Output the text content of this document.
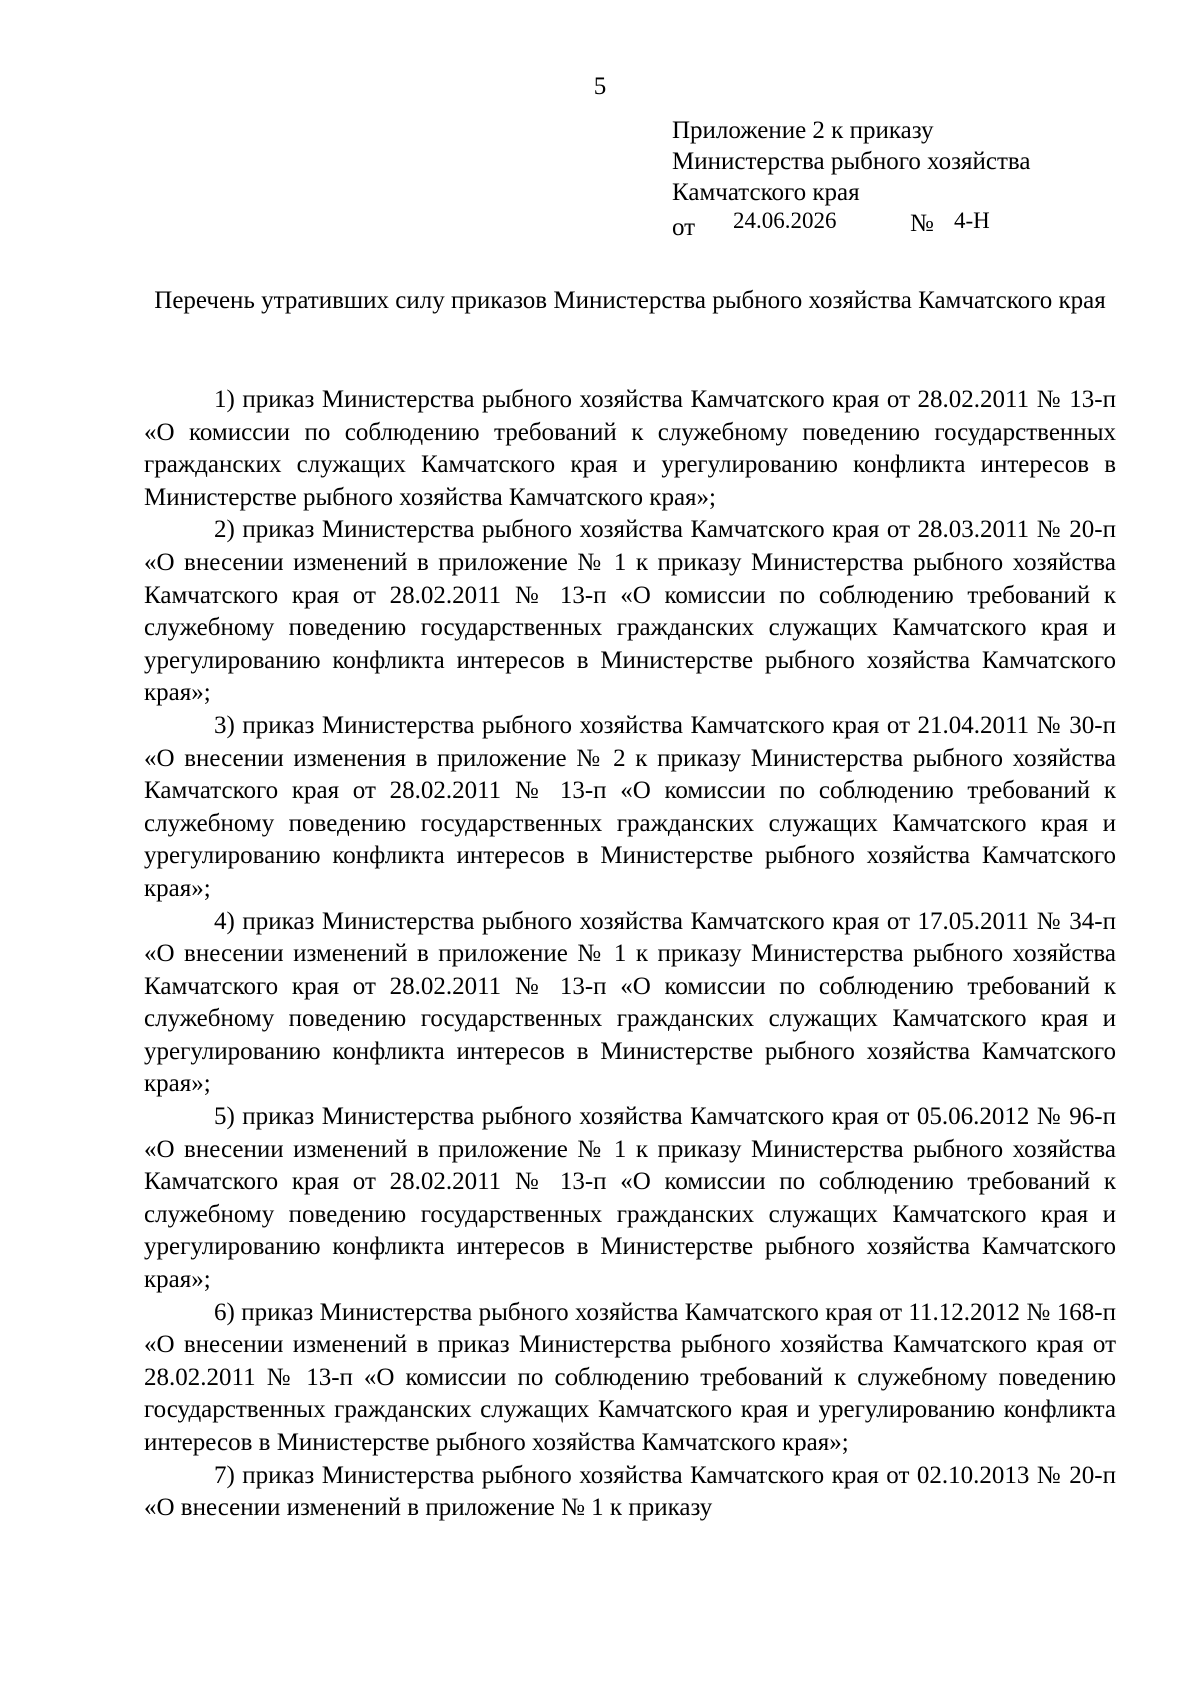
5
Приложение 2 к приказу
Министерства рыбного хозяйства
Камчатского края
от 24.06.2026	№ 4-Н
Перечень утративших силу приказов Министерства рыбного хозяйства Камчатского края

1) приказ Министерства рыбного хозяйства Камчатского края от 28.02.2011 № 13-п «О комиссии по соблюдению требований к служебному поведению государственных гражданских служащих Камчатского края и урегулированию конфликта интересов в Министерстве рыбного хозяйства Камчатского края»;

2) приказ Министерства рыбного хозяйства Камчатского края от 28.03.2011 № 20-п «О внесении изменений в приложение № 1 к приказу Министерства рыбного хозяйства Камчатского края от 28.02.2011 № 13-п «О комиссии по соблюдению требований к служебному поведению государственных гражданских служащих Камчатского края и урегулированию конфликта интересов в Министерстве рыбного хозяйства Камчатского края»;

3) приказ Министерства рыбного хозяйства Камчатского края от 21.04.2011 № 30-п «О внесении изменения в приложение № 2 к приказу Министерства рыбного хозяйства Камчатского края от 28.02.2011 № 13-п «О комиссии по соблюдению требований к служебному поведению государственных гражданских служащих Камчатского края и урегулированию конфликта интересов в Министерстве рыбного хозяйства Камчатского края»;

4) приказ Министерства рыбного хозяйства Камчатского края от 17.05.2011 № 34-п «О внесении изменений в приложение № 1 к приказу Министерства рыбного хозяйства Камчатского края от 28.02.2011 № 13-п «О комиссии по соблюдению требований к служебному поведению государственных гражданских служащих Камчатского края и урегулированию конфликта интересов в Министерстве рыбного хозяйства Камчатского края»;

5) приказ Министерства рыбного хозяйства Камчатского края от 05.06.2012 № 96-п «О внесении изменений в приложение № 1 к приказу Министерства рыбного хозяйства Камчатского края от 28.02.2011 № 13-п «О комиссии по соблюдению требований к служебному поведению государственных гражданских служащих Камчатского края и урегулированию конфликта интересов в Министерстве рыбного хозяйства Камчатского края»;

6) приказ Министерства рыбного хозяйства Камчатского края от 11.12.2012 № 168-п «О внесении изменений в приказ Министерства рыбного хозяйства Камчатского края от 28.02.2011 № 13-п «О комиссии по соблюдению требований к служебному поведению государственных гражданских служащих Камчатского края и урегулированию конфликта интересов в Министерстве рыбного хозяйства Камчатского края»;

7) приказ Министерства рыбного хозяйства Камчатского края от 02.10.2013 № 20-п «О внесении изменений в приложение № 1 к приказу
